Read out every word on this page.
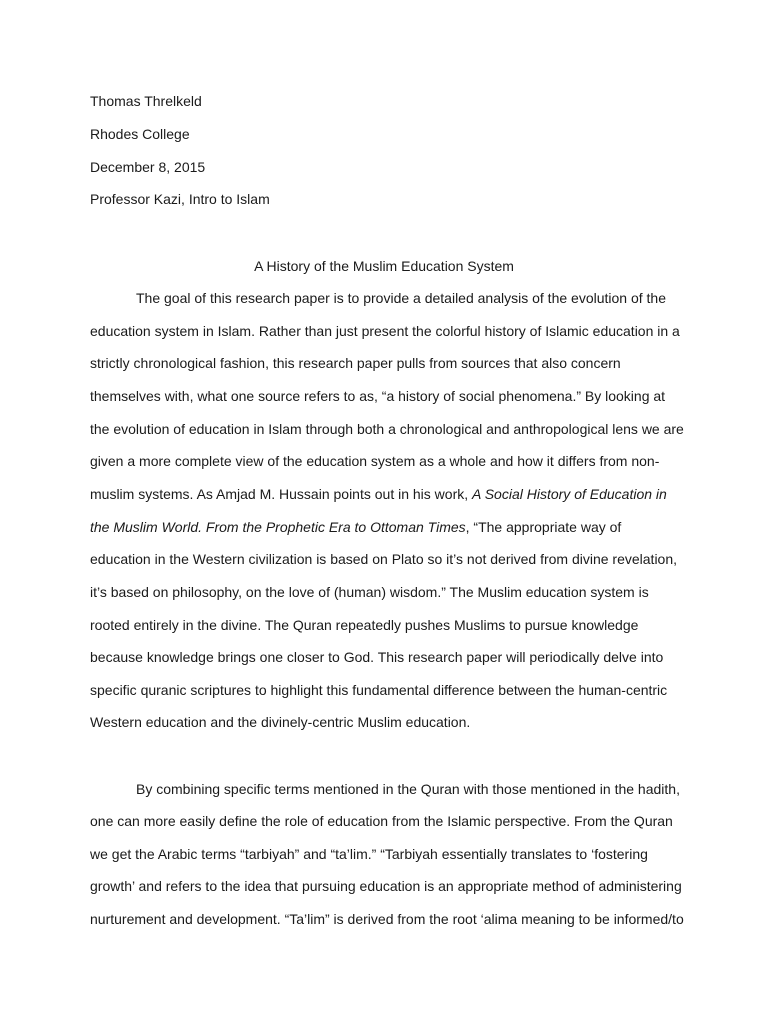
Thomas Threlkeld
Rhodes College
December 8, 2015
Professor Kazi, Intro to Islam
A History of the Muslim Education System
The goal of this research paper is to provide a detailed analysis of the evolution of the
education system in Islam. Rather than just present the colorful history of Islamic education in a
strictly chronological fashion, this research paper pulls from sources that also concern
themselves with, what one source refers to as, “a history of social phenomena.” By looking at
the evolution of education in Islam through both a chronological and anthropological lens we are
given a more complete view of the education system as a whole and how it differs from non-
muslim systems. As Amjad M. Hussain points out in his work, A Social History of Education in
the Muslim World. From the Prophetic Era to Ottoman Times, “The appropriate way of
education in the Western civilization is based on Plato so it’s not derived from divine revelation,
it’s based on philosophy, on the love of (human) wisdom.” The Muslim education system is
rooted entirely in the divine. The Quran repeatedly pushes Muslims to pursue knowledge
because knowledge brings one closer to God. This research paper will periodically delve into
specific quranic scriptures to highlight this fundamental difference between the human-centric
Western education and the divinely-centric Muslim education.
By combining specific terms mentioned in the Quran with those mentioned in the hadith,
one can more easily define the role of education from the Islamic perspective. From the Quran
we get the Arabic terms “tarbiyah” and “ta’lim.” “Tarbiyah essentially translates to ‘fostering
growth’ and refers to the idea that pursuing education is an appropriate method of administering
nurturement and development. “Ta’lim” is derived from the root ‘alima meaning to be informed/to
